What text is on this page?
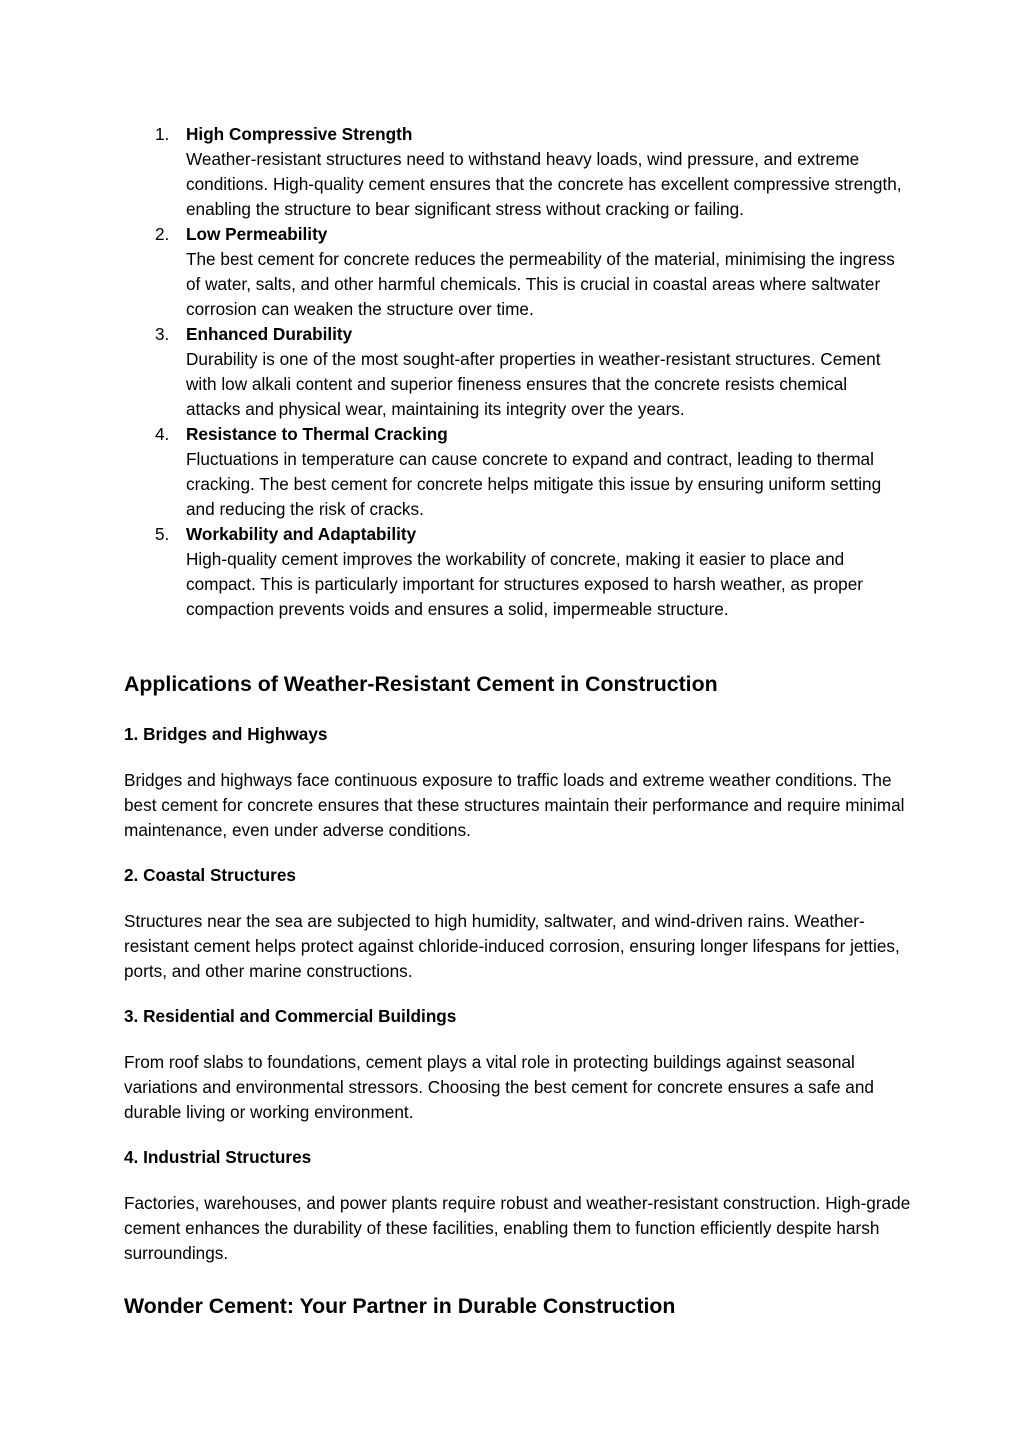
1. High Compressive Strength
Weather-resistant structures need to withstand heavy loads, wind pressure, and extreme conditions. High-quality cement ensures that the concrete has excellent compressive strength, enabling the structure to bear significant stress without cracking or failing.
2. Low Permeability
The best cement for concrete reduces the permeability of the material, minimising the ingress of water, salts, and other harmful chemicals. This is crucial in coastal areas where saltwater corrosion can weaken the structure over time.
3. Enhanced Durability
Durability is one of the most sought-after properties in weather-resistant structures. Cement with low alkali content and superior fineness ensures that the concrete resists chemical attacks and physical wear, maintaining its integrity over the years.
4. Resistance to Thermal Cracking
Fluctuations in temperature can cause concrete to expand and contract, leading to thermal cracking. The best cement for concrete helps mitigate this issue by ensuring uniform setting and reducing the risk of cracks.
5. Workability and Adaptability
High-quality cement improves the workability of concrete, making it easier to place and compact. This is particularly important for structures exposed to harsh weather, as proper compaction prevents voids and ensures a solid, impermeable structure.
Applications of Weather-Resistant Cement in Construction
1. Bridges and Highways

Bridges and highways face continuous exposure to traffic loads and extreme weather conditions. The best cement for concrete ensures that these structures maintain their performance and require minimal maintenance, even under adverse conditions.

2. Coastal Structures

Structures near the sea are subjected to high humidity, saltwater, and wind-driven rains. Weather-resistant cement helps protect against chloride-induced corrosion, ensuring longer lifespans for jetties, ports, and other marine constructions.

3. Residential and Commercial Buildings

From roof slabs to foundations, cement plays a vital role in protecting buildings against seasonal variations and environmental stressors. Choosing the best cement for concrete ensures a safe and durable living or working environment.

4. Industrial Structures

Factories, warehouses, and power plants require robust and weather-resistant construction. High-grade cement enhances the durability of these facilities, enabling them to function efficiently despite harsh surroundings.

Wonder Cement: Your Partner in Durable Construction
